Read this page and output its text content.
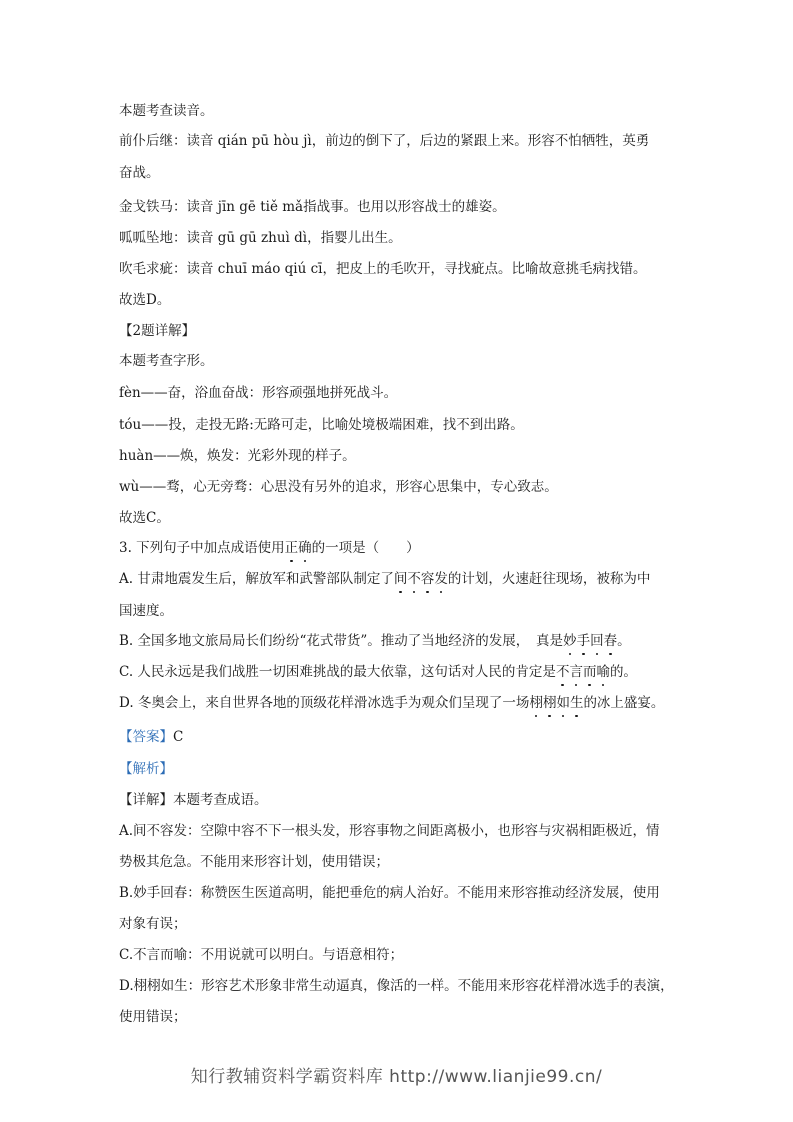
本题考查读音。
前仆后继：读音 qián pū hòu jì，前边的倒下了，后边的紧跟上来。形容不怕牺牲，英勇
奋战。
金戈铁马：读音 jīn gē tiě mǎ指战事。也用以形容战士的雄姿。
呱呱坠地：读音 gū gū zhuì dì，指婴儿出生。
吹毛求疵：读音 chuī máo qiú cī，把皮上的毛吹开，寻找疵点。比喻故意挑毛病找错。
故选D。
【2题详解】
本题考查字形。
fèn——奋，浴血奋战：形容顽强地拼死战斗。
tóu——投，走投无路:无路可走，比喻处境极端困难，找不到出路。
huàn——焕，焕发：光彩外现的样子。
wù——骛，心无旁骛：心思没有另外的追求，形容心思集中，专心致志。
故选C。
3. 下列句子中加点成语使用正确的一项是（　　）
A. 甘肃地震发生后，解放军和武警部队制定了间不容发的计划，火速赶往现场，被称为中
国速度。
B. 全国多地文旅局局长们纷纷“花式带货”。推动了当地经济的发展，　真是妙手回春。
C. 人民永远是我们战胜一切困难挑战的最大依靠，这句话对人民的肯定是不言而喻的。
D. 冬奥会上，来自世界各地的顶级花样滑冰选手为观众们呈现了一场栩栩如生的冰上盛宴。
【答案】C
【解析】
【详解】本题考查成语。
A.间不容发：空隙中容不下一根头发，形容事物之间距离极小，也形容与灾祸相距极近，情
势极其危急。不能用来形容计划，使用错误；
B.妙手回春：称赞医生医道高明，能把垂危的病人治好。不能用来形容推动经济发展，使用
对象有误；
C.不言而喻：不用说就可以明白。与语意相符；
D.栩栩如生：形容艺术形象非常生动逼真，像活的一样。不能用来形容花样滑冰选手的表演，
使用错误；
知行教辅资料学霸资料库 http://www.lianjie99.cn/
